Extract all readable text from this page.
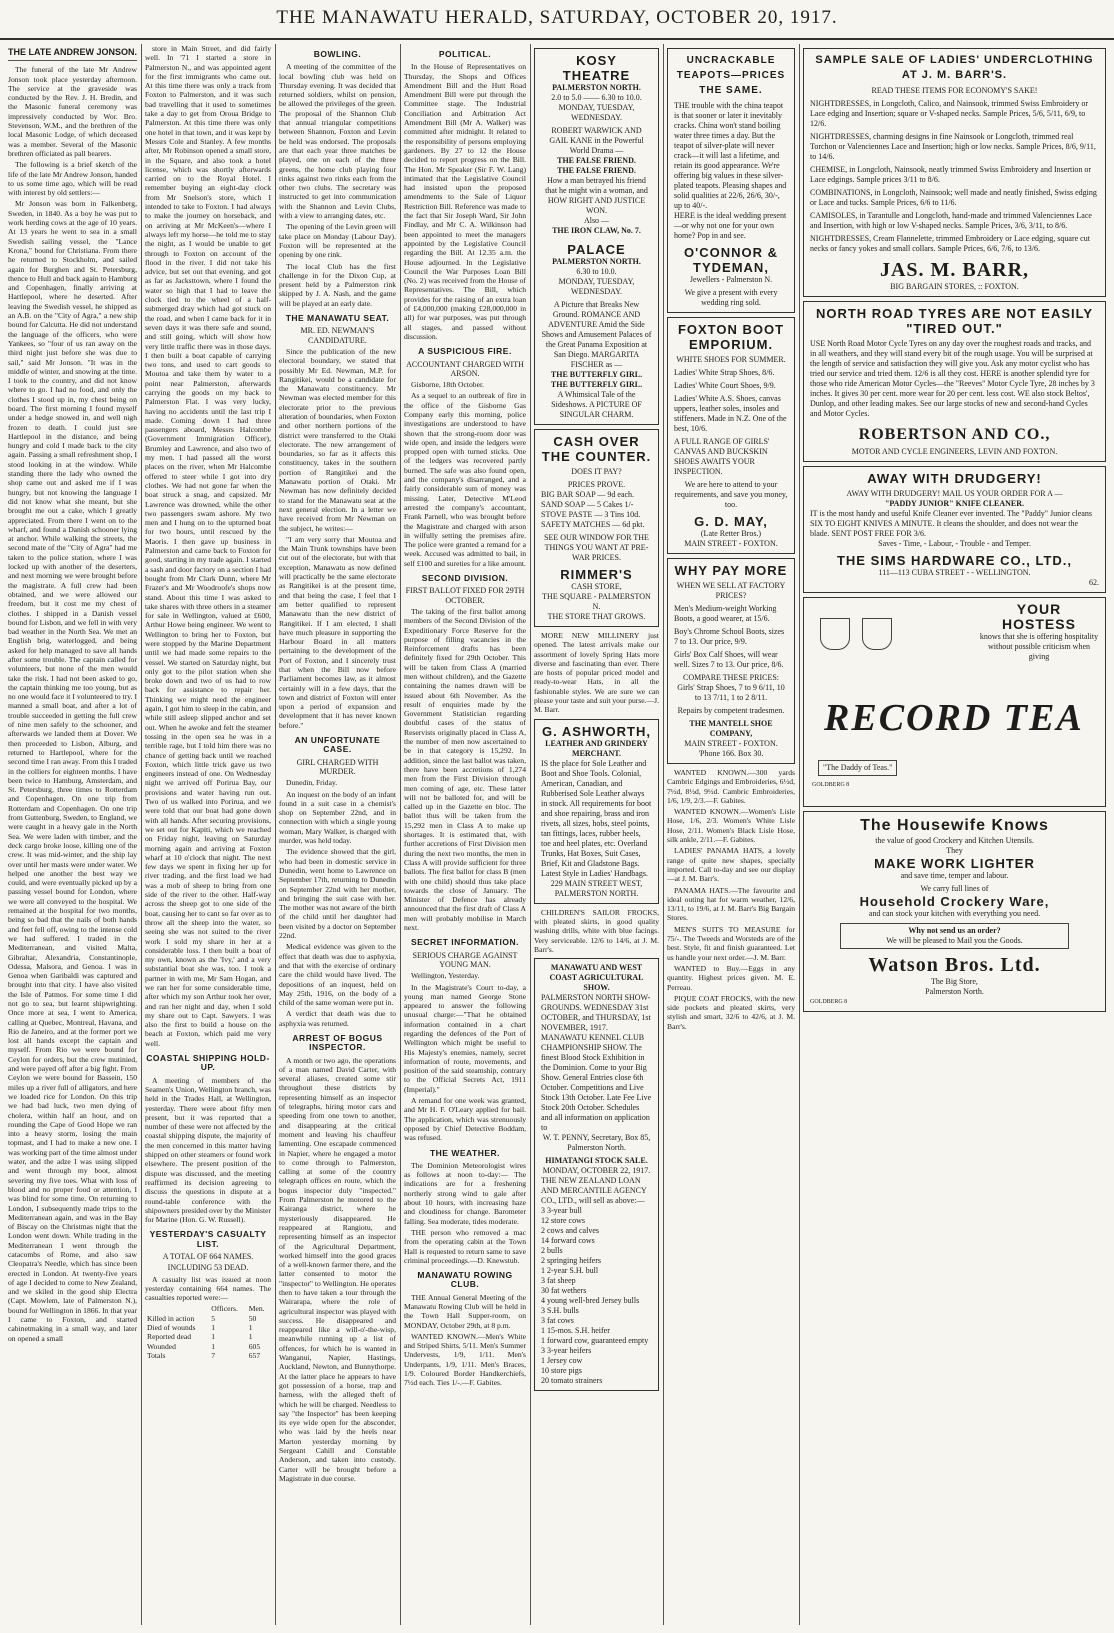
THE MANAWATU HERALD, SATURDAY, OCTOBER 20, 1917.
THE LATE ANDREW JONSON.

The funeral of the late Mr Andrew Jonson took place yesterday afternoon. The service at the graveside was conducted by the Rev. J. H. Bredin, and the Masonic funeral ceremony was impressively conducted by Wor. Bro. Stevenson, W.M., and the brethren of the local Masonic Lodge, of which deceased was a member. Several of the Masonic brethren officiated as pall bearers.

The following is a brief sketch of the life of the late Mr Andrew Jonson, handed to us some time ago, which will be read with interest by old settlers:—

Mr Jonson was born in Falkenberg, Sweden, in 1840. As a boy he was put to work herding cows at the age of 10 years. At 13 years he went to sea in a small Swedish sailing vessel, the "Lance Krona," bound for Christiana. From there he returned to Stockholm, and sailed again for Burghen and St. Petersburg, thence to Hull and back again to Hamburg and Copenhagen, finally arriving at Hartlepool, where he deserted. After leaving the Swedish vessel, he shipped as an A.B. on the "City of Agra," a new ship bound for Calcutta. He did not understand the language of the officers, who were Yankees, so "four of us ran away on the third night just before she was due to sail," said Mr Jonson. "It was in the middle of winter, and snowing at the time. I took to the country, and did not know where to go. I had no food, and only the clothes I stood up in, my chest being on board. The first morning I found myself under a hedge snowed in, and well nigh frozen to death. I could just see Hartlepool in the distance, and being hungry and cold I made back to the city again. Passing a small refreshment shop, I stood looking in at the window. While standing there the lady who owned the shop came out and asked me if I was hungry, but not knowing the language I did not know what she meant, but she brought me out a cake, which I greatly appreciated. From there I went on to the wharf, and found a Danish schooner lying at anchor. While walking the streets, the second mate of the "City of Agra" had me taken to the police station, where I was locked up with another of the deserters, and next morning we were brought before the magistrate. A full crew had been obtained, and we were allowed our freedom, but it cost me my chest of clothes. I shipped in a Danish vessel bound for Lisbon, and we fell in with very bad weather in the North Sea. We met an English brig, waterlogged, and being asked for help managed to save all hands after some trouble. The captain called for volunteers, but none of the men would take the risk. I had not been asked to go, the captain thinking me too young, but as no one would face it I volunteered to try. I manned a small boat, and after a lot of trouble succeeded in getting the full crew of nine men safely to the schooner, and afterwards we landed them at Dover. We then proceeded to Lisbon, Alburg, and returned to Hartlepool, where for the second time I ran away. From this I traded in the colliers for eighteen months. I have been twice to Hamburg, Amsterdam, and St. Petersburg, three times to Rotterdam and Copenhagen. On one trip from Rotterdam and Copenhagen. On one trip from Guttenburg, Sweden, to England, we were caught in a heavy gale in the North Sea. We were laden with timber, and the deck cargo broke loose, killing one of the crew. It was mid-winter, and the ship lay over until her masts were under water. We helped one another the best way we could, and were eventually picked up by a passing vessel bound for London, where we were all conveyed to the hospital. We remained at the hospital for two months, being so bad that the nails of both hands and feet fell off, owing to the intense cold we had suffered. I traded in the Mediterranean, and visited Malta, Gibraltar, Alexandria, Constantinople, Odessa, Malsora, and Genoa. I was in Genoa when Garibaldi was captured and brought into that city. I have also visited the Isle of Patmos. For some time I did not go to sea, but learnt shipwrighting. Once more at sea, I went to America, calling at Quebec, Montreal, Havana, and Rio de Janeiro, and at the former port we lost all hands except the captain and myself. From Rio we were bound for Ceylon for orders, but the crew mutinied, and were payed off after a big fight. From Ceylon we were bound for Bassein, 150 miles up a river full of alligators, and here we loaded rice for London. On this trip we had bad luck, two men dying of cholera, within half an hour, and on rounding the Cape of Good Hope we ran into a heavy storm, losing the main topmast, and I had to make a new one. I was working part of the time almost under water, and the adze I was using slipped and went through my boot, almost severing my five toes. What with loss of blood and no proper food or attention, I was blind for some time. On returning to London, I subsequently made trips to the Mediterranean again, and was in the Bay of Biscay on the Christmas night that the London went down. While trading in the Mediterranean I went through the catacombs of Rome, and also saw Cleopatra's Needle, which has since been erected in London. At twenty-five years of age I decided to come to New Zealand, and we skiled in the good ship Electra (Capt. Mowlem, late of Palmerston N.), bound for Wellington in 1866. In that year I came to Foxton, and started cabinetmaking in a small way, and later on opened a small

store in Main Street, and did fairly well. In '71 I started a store in Palmerston N., and was appointed agent for the first immigrants who came out. At this time there was only a track from Foxton to Palmerston, and it was such bad travelling that it used to sometimes take a day to get from Oroua Bridge to Palmerston. At this time there was only one hotel in that town, and it was kept by Messrs Cole and Stanley. A few months after, Mr Robinson opened a small store, in the Square, and also took a hotel license, which was shortly afterwards carried on to the Royal Hotel. I remember buying an eight-day clock from Mr Snelson's store, which I intended to take to Foxton. I had always to make the journey on horseback, and on arriving at Mr McKeen's—where I always left my horse—he told me to stay the night, as I would be unable to get through to Foxton on account of the flood in the river. I did not take his advice, but set out that evening, and got as far as Jacksttown, where I found the water so high that I had to leave the clock tied to the wheel of a half-submerged dray which had got stuck on the road, and when I came back for it in seven days it was there safe and sound, and still going, which will show how very little traffic there was in those days. I then built a boat capable of carrying two tons, and used to cart goods to Moutoa and take them by water to a point near Palmerston, afterwards carrying the goods on my back to Palmerston Flat. I was very lucky, having no accidents until the last trip I made. Coming down I had three passengers aboard, Messrs Halcombe (Government Immigration Officer), Brumley and Lawrence, and also two of my men. I had passed all the worst places on the river, when Mr Halcombe offered to steer while I got into dry clothes. We had not gone far when the boat struck a snag, and capsized. Mr Lawrence was drowned, while the other two passengers swam ashore. My two men and I hung on to the upturned boat for two hours, until rescued by the Maoris. I then gave up business in Palmerston and came back to Foxton for good, starting in my trade again. I started a sash and door factory on a section I had bought from Mr Clark Dunn, where Mr Frazer's and Mr Woodroofe's shops now stand. About this time I was asked to take shares with three others in a steamer for sale in Wellington, valued at £600, Arthur Howe being engineer. We went to Wellington to bring her to Foxton, but were stopped by the Marine Department until we had made some repairs to the vessel. We started on Saturday night, but only got to the pilot station when she broke down and two of us had to row back for assistance to repair her. Thinking we might need the engineer again, I got him to sleep in the cabin, and while still asleep slipped anchor and set out. When he awoke and felt the steamer tossing in the open sea he was in a terrible rage, but I told him there was no chance of getting back until we reached Foxton, which little trick gave us two engineers instead of one. On Wednesday night we arrived off Porirua Bay, our provisions and water having run out. Two of us walked into Porirua, and we were told that our boat had gone down with all hands. After securing provisions, we set out for Kapiti, which we reached on Friday night, leaving on Saturday morning again and arriving at Foxton wharf at 10 o'clock that night. The next few days we spent in fixing her up for river trading, and the first load we had was a mob of sheep to bring from one side of the river to the other. Half-way across the sheep got to one side of the boat, causing her to cant so far over as to throw all the sheep into the water, so seeing she was not suited to the river work I sold my share in her at a considerable loss. I then built a boat of my own, known as the 'Ivy,' and a very substantial boat she was, too. I took a partner in with me, Mr Sam Hogan, and we ran her for some considerable time, after which my son Arthur took her over, and ran her night and day, when I sold my share out to Capt. Sawyers. I was also the first to build a house on the beach at Foxton, which paid me very well.

COASTAL SHIPPING HOLD-UP.

A meeting of members of the Seamen's Union, Wellington branch, was held in the Trades Hall, at Wellington, yesterday. There were about fifty men present, but it was reported that a number of these were not affected by the coastal shipping dispute, the majority of the men concerned in this matter having shipped on other steamers or found work elsewhere. The present position of the dispute was discussed, and the meeting reaffirmed its decision agreeing to discuss the questions in dispute at a round-table conference with the shipowners presided over by the Minister for Marine (Hon. G. W. Russell).

YESTERDAY'S CASUALTY LIST.
A TOTAL OF 664 NAMES.
INCLUDING 53 DEAD.

A casualty list was issued at noon yesterday containing 664 names. The casualties reported were:—

	Officers.	Men.
Killed in action	5	50
Died of wounds	1	1
Reported dead	1	1
Wounded	1	605
Totals	7	657
BOWLING.

A meeting of the committee of the local bowling club was held on Thursday evening. It was decided that returned soldiers, whilst on pension, be allowed the privileges of the green. The proposal of the Shannon Club that annual triangular competitions between Shannon, Foxton and Levin be held was endorsed. The proposals are that each year three matches be played, one on each of the three greens, the home club playing four rinks against two rinks each from the other two clubs. The secretary was instructed to get into communication with the Shannon and Levin Clubs, with a view to arranging dates, etc.

The opening of the Levin green will take place on Monday (Labour Day). Foxton will be represented at the opening by one rink.

The local Club has the first challenge in for the Dixon Cup, at present held by a Palmerston rink skipped by J. A. Nash, and the game will be played at an early date.

THE MANAWATU SEAT.
MR. ED. NEWMAN'S CANDIDATURE.

Since the publication of the new electoral boundary, we stated that possibly Mr Ed. Newman, M.P. for Rangitikei, would be a candidate for the Manawatu constituency. Mr Newman was elected member for this electorate prior to the previous alteration of boundaries, when Foxton and other northern portions of the district were transferred to the Otaki electorate. The new arrangement of boundaries, so far as it affects this constituency, takes in the southern portion of Rangitikei and the Manawatu portion of Otaki. Mr Newman has now definitely decided to stand for the Manawatu seat at the next general election. In a letter we have received from Mr Newman on the subject, he writes:—

"I am very sorry that Moutoa and the Main Trunk townships have been cut out of the electorate, but with that exception, Manawatu as now defined will practically be the same electorate as Rangitikei is at the present time, and that being the case, I feel that I am better qualified to represent Manawatu than the new district of Rangitikei. If I am elected, I shall have much pleasure in supporting the Harbour Board in all matters pertaining to the development of the Port of Foxton, and I sincerely trust that when the Bill now before Parliament becomes law, as it almost certainly will in a few days, that the town and district of Foxton will enter upon a period of expansion and development that it has never known before."

AN UNFORTUNATE CASE.
GIRL CHARGED WITH MURDER.

Dunedin, Friday.

An inquest on the body of an infant found in a suit case in a chemist's shop on September 22nd, and in connection with which a single young woman, Mary Walker, is charged with murder, was held today.

The evidence showed that the girl, who had been in domestic service in Dunedin, went home to Lawrence on September 17th, returning to Dunedin on September 22nd with her mother, and bringing the suit case with her. The mother was not aware of the birth of the child until her daughter had been visited by a doctor on September 22nd.

Medical evidence was given to the effect that death was due to asphyxia, and that with the exercise of ordinary care the child would have lived. The depositions of an inquest, held on May 25th, 1916, on the body of a child of the same woman were put in.

A verdict that death was due to asphyxia was returned.

ARREST OF BOGUS INSPECTOR.

A month or two ago, the operations of a man named David Carter, with several aliases, created some stir throughout these districts by representing himself as an inspector of telegraphs, hiring motor cars and speeding from one town to another, and disappearing at the critical moment and leaving his chauffeur lamenting. One escapade commenced in Napier, where he engaged a motor to come through to Palmerston, calling at some of the country telegraph offices en route, which the bogus inspector duly "inspected." From Palmerston he motored to the Kairanga district, where he mysteriously disappeared. He reappeared at Rangiotu, and representing himself as an inspector of the Agricultural Department, worked himself into the good graces of a well-known farmer there, and the latter consented to motor the "inspector" to Wellington. He operates then to have taken a tour through the Wairarapa, where the role of agricultural inspector was played with success. He disappeared and reappeared like a will-o'-the-wisp, meanwhile running up a list of offences, for which he is wanted in Wanganui, Napier, Hastings, Auckland, Newton, and Bunnythorpe. At the latter place he appears to have got possession of a horse, trap and harness, with the alleged theft of which he will be charged. Needless to say "the Inspector" has been keeping its eye wide open for the absconder, who was laid by the heels near Marton yesterday morning by Sergeant Cahill and Constable Anderson, and taken into custody. Carter will be brought before a Magistrate in due course.

POLITICAL.

In the House of Representatives on Thursday, the Shops and Offices Amendment Bill and the Hutt Road Amendment Bill were put through the Committee stage. The Industrial Conciliation and Arbitration Act Amendment Bill (Mr A. Walker) was committed after midnight. It related to the responsibility of persons employing gardeners. By 27 to 12 the House decided to report progress on the Bill. The Hon. Mr Speaker (Sir F. W. Lang) intimated that the Legislative Council had insisted upon the proposed amendments to the Sale of Liquor Restriction Bill. Reference was made to the fact that Sir Joseph Ward, Sir John Findlay, and Mr C. A. Wilkinson had been appointed to meet the managers appointed by the Legislative Council regarding the Bill. At 12.35 a.m. the House adjourned. In the Legislative Council the War Purposes Loan Bill (No. 2) was received from the House of Representatives. The Bill, which provides for the raising of an extra loan of £4,000,000 (making £28,000,000 in all) for war purposes, was put through all stages, and passed without discussion.

A SUSPICIOUS FIRE.
ACCOUNTANT CHARGED WITH ARSON.

Gisborne, 18th October.

As a sequel to an outbreak of fire in the office of the Gisborne Gas Company early this morning, police investigations are understood to have shown that the strong-room door was wide open, and inside the ledgers were propped open with turned sticks. One of the ledgers was recovered partly burned. The safe was also found open, and the company's disarranged, and a fairly considerable sum of money was missing. Later, Detective M'Leod arrested the company's accountant, Frank Parnell, who was brought before the Magistrate and charged with arson in wilfully setting the premises afire. The police were granted a remand for a week. Accused was admitted to bail, in self £100 and sureties for a like amount.

SECOND DIVISION.
FIRST BALLOT FIXED FOR 29TH OCTOBER.

The taking of the first ballot among members of the Second Division of the Expeditionary Force Reserve for the purpose of filling vacancies in the Reinforcement drafts has been definitely fixed for 29th October. This will be taken from Class A (married men without children), and the Gazette containing the names drawn will be issued about 6th November. As the result of enquiries made by the Government Statistician regarding doubtful cases of the status of Reservists originally placed in Class A, the number of men now ascertained to be in that category is 15,292. In addition, since the last ballot was taken, there have been accretions of 1,274 men from the First Division through men coming of age, etc. These latter will not be balloted for, and will be called up in the Gazette en bloc. The ballot thus will be taken from the 15,292 men in Class A to make up shortages. It is estimated that, with further accretions of First Division men during the next two months, the men in Class A will provide sufficient for three ballots. The first ballot for class B (men with one child) should thus take place towards the close of January. The Minister of Defence has already announced that the first draft of Class A men will probably mobilise in March next.

SECRET INFORMATION.
SERIOUS CHARGE AGAINST YOUNG MAN.

Wellington, Yesterday.

In the Magistrate's Court to-day, a young man named George Stone appeared to answer the following unusual charge:—"That he obtained information contained in a chart regarding the defences of the Port of Wellington which might be useful to His Majesty's enemies, namely, secret information of route, movements, and position of the said steamship, contrary to the Official Secrets Act, 1911 (Imperial)."

A remand for one week was granted, and Mr H. F. O'Leary applied for bail. The application, which was strenuously opposed by Chief Detective Boddam, was refused.

THE WEATHER.

The Dominion Meteorologist wires as follows at noon to-day:— The indications are for a freshening northerly strong wind to gale after about 10 hours, with increasing haze and cloudiness for change. Barometer falling. Sea moderate, tides moderate.

THE person who removed a mac from the operating cabin at the Town Hall is requested to return same to save criminal proceedings.—D. Knewstub.

MANAWATU ROWING CLUB.

THE Annual General Meeting of the Manawatu Rowing Club will be held in the Town Hall Supper-room, on MONDAY, October 29th, at 8 p.m.

WANTED KNOWN.—Men's White and Striped Shirts, 5/11. Men's Summer Undervests, 1/9, 1/11. Men's Underpants, 1/9, 1/11. Men's Braces, 1/9. Coloured Border Handkerchiefs, 7½d each. Ties 1/-.—F. Gabites.

KOSY THEATRE
PALMERSTON NORTH.
2.0 to 5.0 —— 6.30 to 10.0.
MONDAY, TUESDAY, WEDNESDAY.
ROBERT WARWICK AND GAIL KANE in the Powerful World Drama —
THE FALSE FRIEND.
THE FALSE FRIEND.
How a man betrayed his friend that he might win a woman, and HOW RIGHT AND JUSTICE WON.
Also —
THE IRON CLAW, No. 7.
PALACE
PALMERSTON NORTH.
6.30 to 10.0.
MONDAY, TUESDAY, WEDNESDAY.
A Picture that Breaks New Ground. ROMANCE AND ADVENTURE Amid the Side Shows and Amusement Palaces of the Great Panama Exposition at San Diego. MARGARITA FISCHER as —
THE BUTTERFLY GIRL.
THE BUTTERFLY GIRL.
A Whimsical Tale of the Sideshows. A PICTURE OF SINGULAR CHARM.
CASH OVER THE COUNTER.
DOES IT PAY?
PRICES PROVE.
BIG BAR SOAP — 9d each.
SAND SOAP — 5 Cakes 1/-
STOVE PASTE — 3 Tins 10d.
SAFETY MATCHES — 6d pkt.
SEE OUR WINDOW FOR THE THINGS YOU WANT AT PRE-WAR PRICES.
RIMMER'S
CASH STORE,
THE SQUARE - PALMERSTON N.
THE STORE THAT GROWS.

MORE NEW MILLINERY just opened. The latest arrivals make our assortment of lovely Spring Hats more diverse and fascinating than ever. There are hosts of popular priced model and ready-to-wear Hats, in all the fashionable styles. We are sure we can please your taste and suit your purse.—J. M. Barr.

G. ASHWORTH,
LEATHER AND GRINDERY MERCHANT.
IS the place for Sole Leather and Boot and Shoe Tools. Colonial, American, Canadian, and Rubberised Sole Leather always in stock. All requirements for boot and shoe repairing, brass and iron rivets, all sizes, hobs, steel points, tan fittings, laces, rubber heels, toe and heel plates, etc. Overland Trunks, Hat Boxes, Suit Cases, Brief, Kit and Gladstone Bags. Latest Style in Ladies' Handbags.
229 MAIN STREET WEST, PALMERSTON NORTH.

CHILDREN'S SAILOR FROCKS, with pleated skirts, in good quality washing drills, white with blue facings. Very serviceable. 12/6 to 14/6, at J. M. Barr's.

MANAWATU AND WEST COAST AGRICULTURAL SHOW.
PALMERSTON NORTH SHOW-GROUNDS. WEDNESDAY 31st OCTOBER, and THURSDAY, 1st NOVEMBER, 1917. MANAWATU KENNEL CLUB CHAMPIONSHIP SHOW. The finest Blood Stock Exhibition in the Dominion. Come to your Big Show. General Entries close 6th October. Competitions and Live Stock 13th October. Late Fee Live Stock 20th October. Schedules and all information on application to
W. T. PENNY, Secretary, Box 85, Palmerston North.
HIMATANGI STOCK SALE.
MONDAY, OCTOBER 22, 1917.
THE NEW ZEALAND LOAN AND MERCANTILE AGENCY CO., LTD., will sell as above:—
3 3-year bull
12 store cows
2 cows and calves
14 forward cows
2 bulls
2 springing heifers
1 2-year S.H. bull
3 fat sheep
30 fat wethers
4 young well-bred Jersey bulls
3 S.H. bulls
3 fat cows
1 15-mos. S.H. heifer
1 forward cow, guaranteed empty
3 3-year heifers
1 Jersey cow
10 store pigs
20 tomato strainers
UNCRACKABLE TEAPOTS—PRICES THE SAME.
THE trouble with the china teapot is that sooner or later it inevitably cracks. China won't stand boiling water three times a day. But the teapot of silver-plate will never crack—it will last a lifetime, and retain its good appearance. We're offering big values in these silver-plated teapots. Pleasing shapes and solid qualities at 22/6, 26/6, 30/-, up to 40/-.
HERE is the ideal wedding present—or why not one for your own home? Pop in and see.
O'CONNOR & TYDEMAN,
Jewellers - Palmerston N.
We give a present with every wedding ring sold.
FOXTON BOOT EMPORIUM.
WHITE SHOES FOR SUMMER.
Ladies' White Strap Shoes, 8/6.
Ladies' White Court Shoes, 9/9.
Ladies' White A.S. Shoes, canvas uppers, leather soles, insoles and stiffeners. Made in N.Z. One of the best, 10/6.
A FULL RANGE OF GIRLS' CANVAS AND BUCKSKIN SHOES AWAITS YOUR INSPECTION.
We are here to attend to your requirements, and save you money, too.
G. D. MAY,
(Late Retter Bros.)
MAIN STREET - FOXTON.
WHY PAY MORE
WHEN WE SELL AT FACTORY PRICES?
Men's Medium-weight Working Boots, a good wearer, at 15/6.
Boy's Chrome School Boots, sizes 7 to 13. Our price, 9/9.
Girls' Box Calf Shoes, will wear well. Sizes 7 to 13. Our price, 8/6.
COMPARE THESE PRICES:
Girls' Strap Shoes, 7 to 9 6/11, 10 to 13 7/11, 1 to 2 8/11.
Repairs by competent tradesmen.
THE MANTELL SHOE COMPANY,
MAIN STREET - FOXTON.
'Phone 166. Box 30.

WANTED KNOWN.—300 yards Cambric Edgings and Embroideries, 6½d, 7½d, 8½d, 9½d. Cambric Embroideries, 1/6, 1/9, 2/3.—F. Gabites.

WANTED KNOWN.—Women's Lisle Hose, 1/6, 2/3. Women's White Lisle Hose, 2/11. Women's Black Lisle Hose, silk ankle, 2/11.—F. Gabites.

LADIES' PANAMA HATS, a lovely range of quite new shapes, specially imported. Call to-day and see our display—at J. M. Barr's.

PANAMA HATS.—The favourite and ideal outing hat for warm weather, 12/6, 13/11, to 19/6, at J. M. Barr's Big Bargain Stores.

MEN'S SUITS TO MEASURE for 75/-. The Tweeds and Worsteds are of the best. Style, fit and finish guaranteed. Let us handle your next order.—J. M. Barr.

WANTED to Buy.—Eggs in any quantity. Highest prices given. M. E. Perreau.

PIQUE COAT FROCKS, with the new side pockets and pleated skirts, very stylish and smart, 32/6 to 42/6, at J. M. Barr's.

SAMPLE SALE OF LADIES' UNDERCLOTHING AT J. M. BARR'S.
READ THESE ITEMS FOR ECONOMY'S SAKE!
NIGHTDRESSES, in Longcloth, Calico, and Nainsook, trimmed Swiss Embroidery or Lace edging and Insertion; square or V-shaped necks. Sample Prices, 5/6, 5/11, 6/9, to 12/6.
NIGHTDRESSES, charming designs in fine Nainsook or Longcloth, trimmed real Torchon or Valenciennes Lace and Insertion; high or low necks. Sample Prices, 8/6, 9/11, to 14/6.
CHEMISE, in Longcloth, Nainsook, neatly trimmed Swiss Embroidery and Insertion or Lace edgings. Sample prices 3/11 to 8/6.
COMBINATIONS, in Longcloth, Nainsook; well made and neatly finished, Swiss edging or Lace and tucks. Sample Prices, 6/6 to 11/6.
CAMISOLES, in Tarantulle and Longcloth, hand-made and trimmed Valenciennes Lace and Insertion, with high or low V-shaped necks. Sample Prices, 3/6, 3/11, to 8/6.
NIGHTDRESSES, Cream Flannelette, trimmed Embroidery or Lace edging, square cut necks or fancy yokes and small collars. Sample Prices, 6/6, 7/6, to 13/6.
JAS. M. BARR,
BIG BARGAIN STORES, :: FOXTON.
NORTH ROAD TYRES ARE NOT EASILY "TIRED OUT."
USE North Road Motor Cycle Tyres on any day over the roughest roads and tracks, and in all weathers, and they will stand every bit of the rough usage. You will be surprised at the length of service and satisfaction they will give you. Ask any motor cyclist who has tried our service and tried them. 12/6 is all they cost. HERE is another splendid tyre for those who ride American Motor Cycles—the "Reeves" Motor Cycle Tyre, 28 inches by 3 inches. It gives 30 per cent. more wear for 20 per cent. less cost. WE also stock Beltos', Dunlop, and other leading makes. See our large stocks of new and second-hand Cycles and Motor Cycles.
ROBERTSON AND CO.,
MOTOR AND CYCLE ENGINEERS, LEVIN AND FOXTON.
AWAY WITH DRUDGERY!
AWAY WITH DRUDGERY! MAIL US YOUR ORDER FOR A —
"PADDY JUNIOR" KNIFE CLEANER.
IT is the most handy and useful Knife Cleaner ever invented. The "Paddy" Junior cleans SIX TO EIGHT KNIVES A MINUTE. It cleans the shoulder, and does not wear the blade. SENT POST FREE FOR 3/6.
Saves - Time, - Labour, - Trouble - and Temper.
THE SIMS HARDWARE CO., LTD.,
111—113 CUBA STREET - - WELLINGTON.
62.
YOUR HOSTESS
knows that she is offering hospitality without possible criticism when giving
RECORD TEA
"The Daddy of Teas."
GOLDBERG 8
The Housewife Knows
the value of good Crockery and Kitchen Utensils.
They
MAKE WORK LIGHTER
and save time, temper and labour.
We carry full lines of
Household Crockery Ware,
and can stock your kitchen with everything you need.
Why not send us an order?
We will be pleased to Mail you the Goods.
Watson Bros. Ltd.
The Big Store,
Palmerston North.
GOLDBERG 8
